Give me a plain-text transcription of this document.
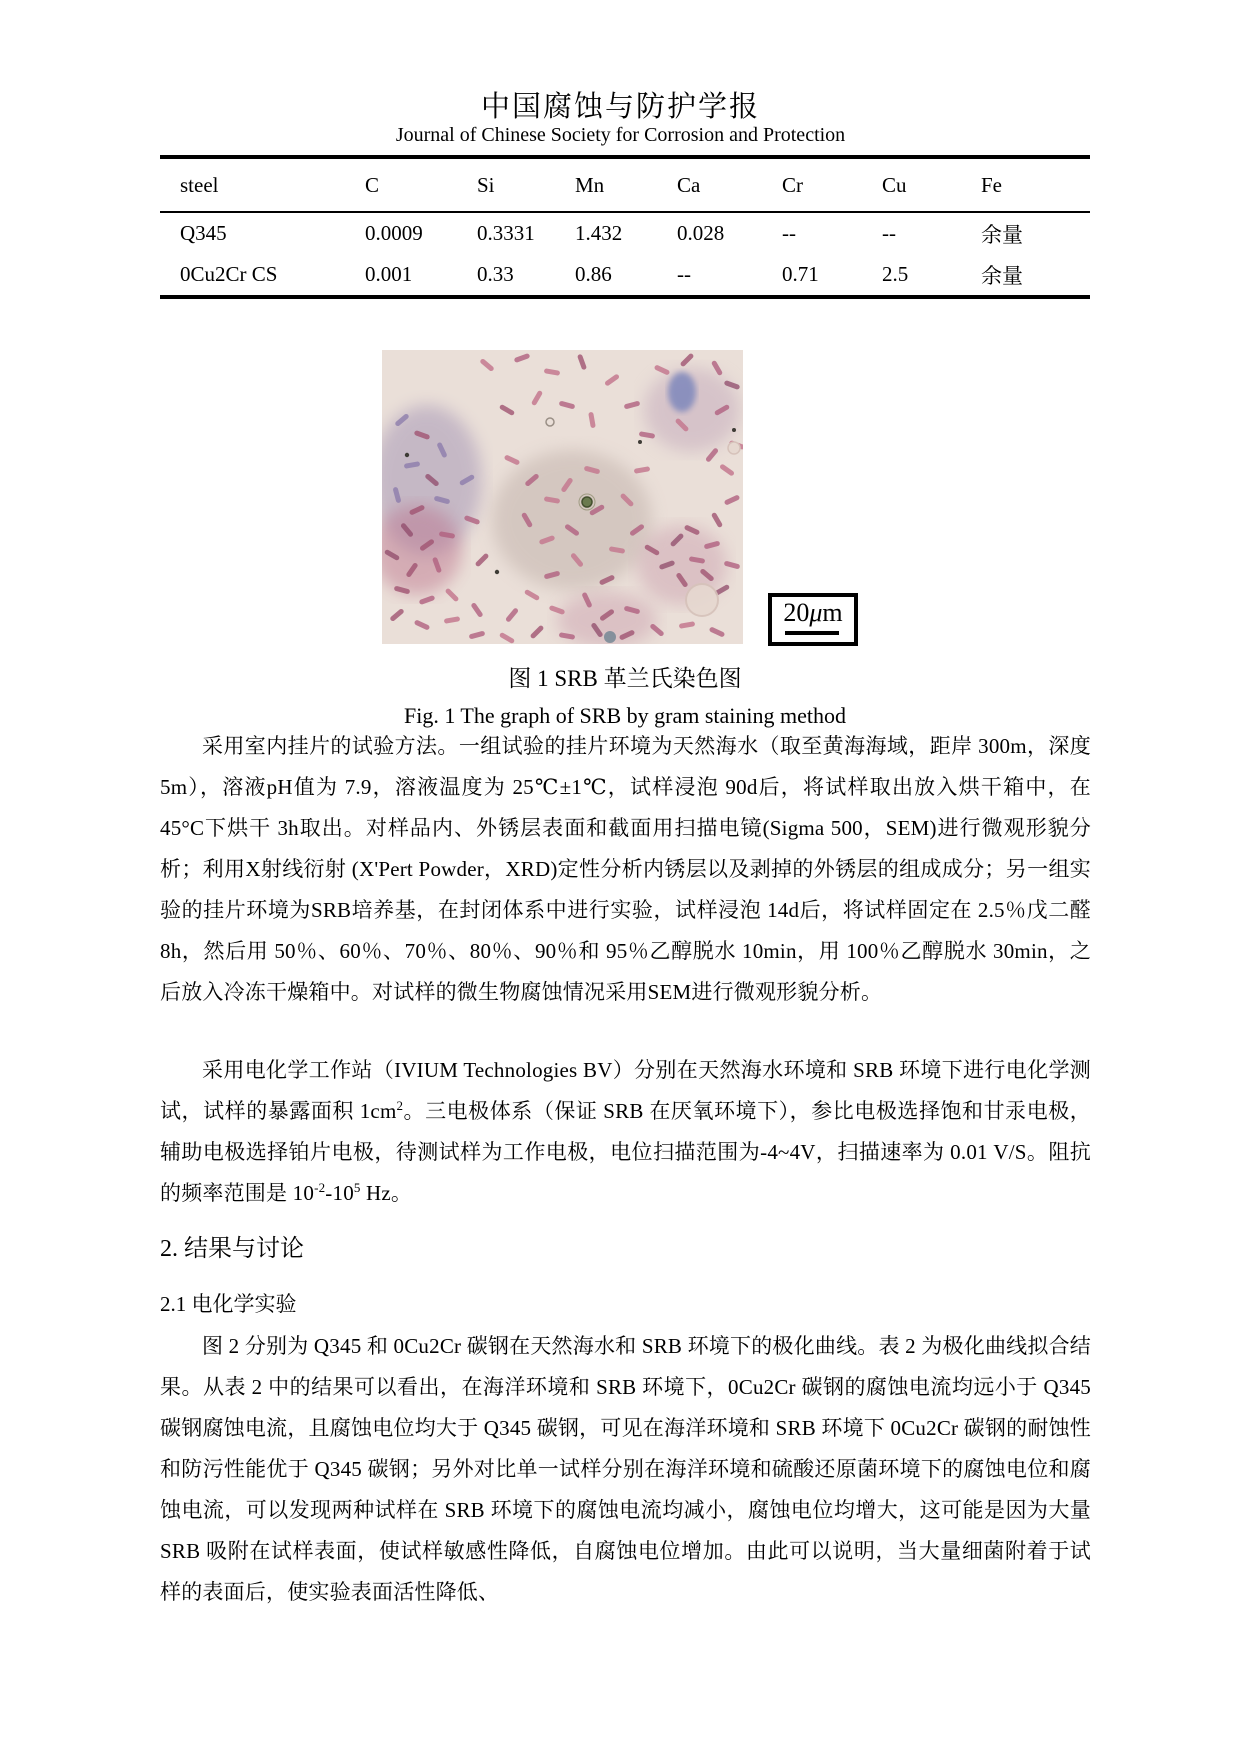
中国腐蚀与防护学报
Journal of Chinese Society for Corrosion and Protection
steel	C	Si	Mn	Ca	Cr	Cu	Fe
Q345	0.0009	0.3331	1.432	0.028	--	--	余量
0Cu2Cr CS	0.001	0.33	0.86	--	0.71	2.5	余量
20μm
图 1 SRB 革兰氏染色图
Fig. 1 The graph of SRB by gram staining method

采用室内挂片的试验方法。一组试验的挂片环境为天然海水（取至黄海海域，距岸 300m，深度 5m），溶液pH值为 7.9，溶液温度为 25℃±1℃，试样浸泡 90d后，将试样取出放入烘干箱中，在 45°C下烘干 3h取出。对样品内、外锈层表面和截面用扫描电镜(Sigma 500，SEM)进行微观形貌分析；利用X射线衍射 (X'Pert Powder，XRD)定性分析内锈层以及剥掉的外锈层的组成成分；另一组实验的挂片环境为SRB培养基，在封闭体系中进行实验，试样浸泡 14d后，将试样固定在 2.5％戊二醛 8h，然后用 50％、60％、70％、80％、90％和 95％乙醇脱水 10min，用 100％乙醇脱水 30min，之后放入冷冻干燥箱中。对试样的微生物腐蚀情况采用SEM进行微观形貌分析。

采用电化学工作站（IVIUM Technologies BV）分别在天然海水环境和 SRB 环境下进行电化学测试，试样的暴露面积 $1cm^2$。三电极体系（保证 SRB 在厌氧环境下），参比电极选择饱和甘汞电极，辅助电极选择铂片电极，待测试样为工作电极，电位扫描范围为-4~4V，扫描速率为 0.01 V/S。阻抗的频率范围是 $10^{-2}-10^5$ Hz。

2. 结果与讨论
2.1 电化学实验

图 2 分别为 Q345 和 0Cu2Cr 碳钢在天然海水和 SRB 环境下的极化曲线。表 2 为极化曲线拟合结果。从表 2 中的结果可以看出，在海洋环境和 SRB 环境下，0Cu2Cr 碳钢的腐蚀电流均远小于 Q345 碳钢腐蚀电流，且腐蚀电位均大于 Q345 碳钢，可见在海洋环境和 SRB 环境下 0Cu2Cr 碳钢的耐蚀性和防污性能优于 Q345 碳钢；另外对比单一试样分别在海洋环境和硫酸还原菌环境下的腐蚀电位和腐蚀电流，可以发现两种试样在 SRB 环境下的腐蚀电流均减小，腐蚀电位均增大，这可能是因为大量 SRB 吸附在试样表面，使试样敏感性降低，自腐蚀电位增加。由此可以说明，当大量细菌附着于试样的表面后，使实验表面活性降低、
